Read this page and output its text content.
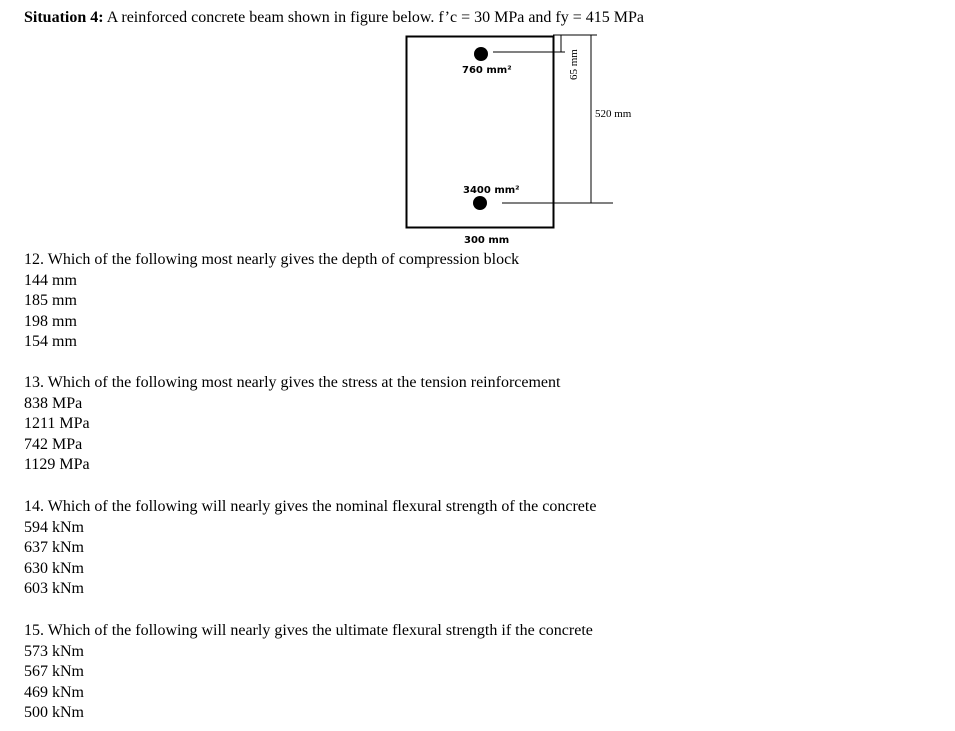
Situation 4: A reinforced concrete beam shown in figure below. f’c = 30 MPa and fy = 415 MPa
760 mm²
3400 mm²
300 mm
65 mm
520 mm
12. Which of the following most nearly gives the depth of compression block
144 mm
185 mm
198 mm
154 mm
13. Which of the following most nearly gives the stress at the tension reinforcement
838 MPa
1211 MPa
742 MPa
1129 MPa
14. Which of the following will nearly gives the nominal flexural strength of the concrete
594 kNm
637 kNm
630 kNm
603 kNm
15. Which of the following will nearly gives the ultimate flexural strength if the concrete
573 kNm
567 kNm
469 kNm
500 kNm
